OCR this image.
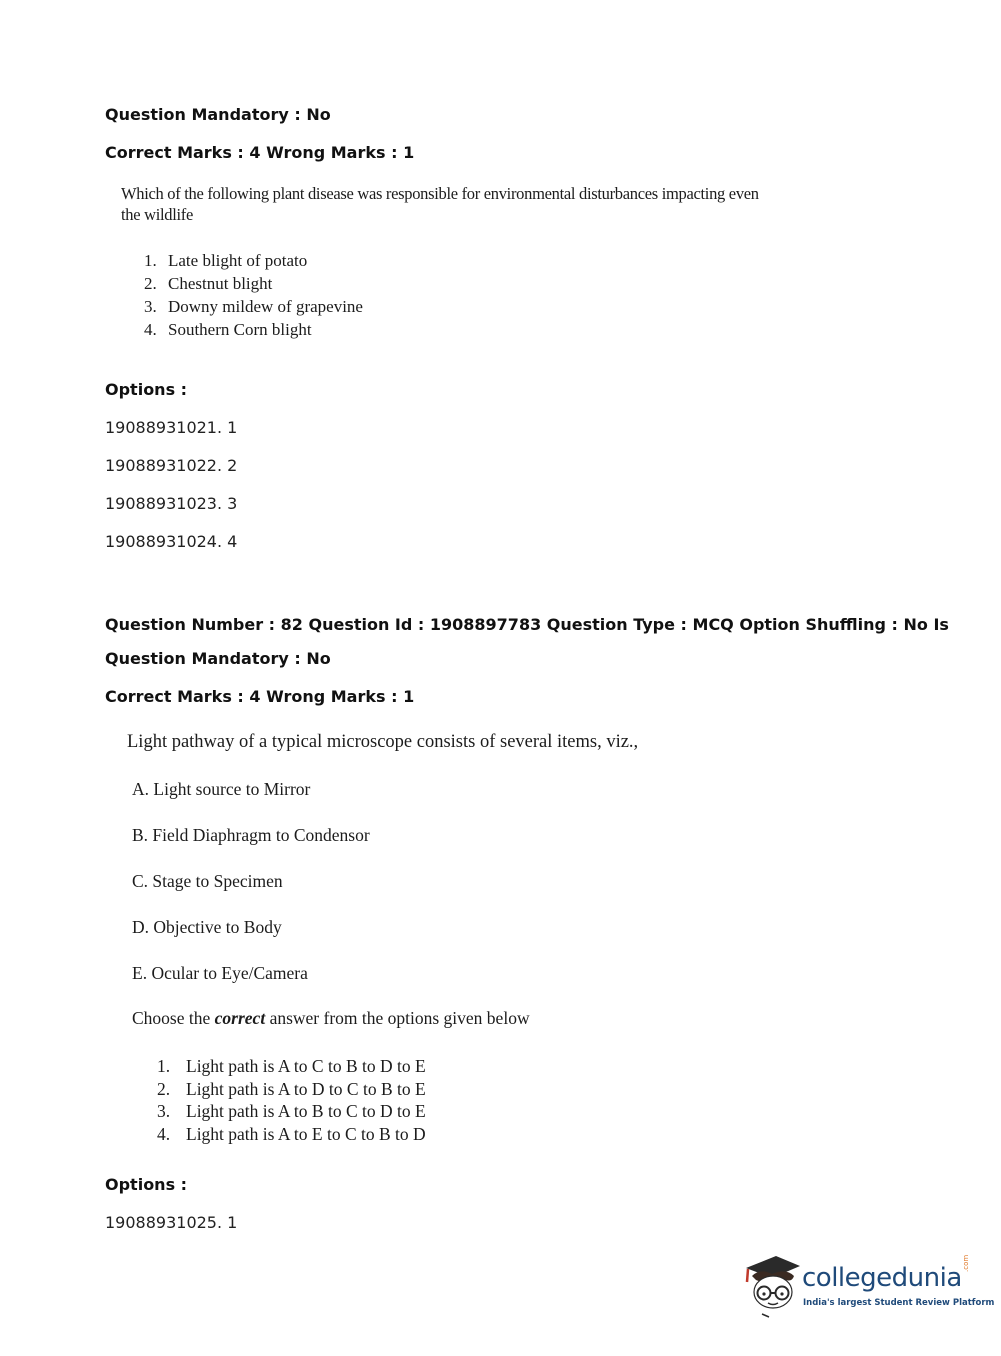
Question Mandatory : No
Correct Marks : 4 Wrong Marks : 1
Which of the following plant disease was responsible for environmental disturbances impacting even
the wildlife
1. Late blight of potato
2. Chestnut blight
3. Downy mildew of grapevine
4. Southern Corn blight
Options :
19088931021. 1
19088931022. 2
19088931023. 3
19088931024. 4
Question Number : 82 Question Id : 1908897783 Question Type : MCQ Option Shuffling : No Is
Question Mandatory : No
Correct Marks : 4 Wrong Marks : 1
Light pathway of a typical microscope consists of several items, viz.,
A. Light source to Mirror
B. Field Diaphragm to Condensor
C. Stage to Specimen
D. Objective to Body
E. Ocular to Eye/Camera
Choose the correct answer from the options given below
1. Light path is A to C to B to D to E
2. Light path is A to D to C to B to E
3. Light path is A to B to C to D to E
4. Light path is A to E to C to B to D
Options :
19088931025. 1
collegedunia .com
India's largest Student Review Platform
